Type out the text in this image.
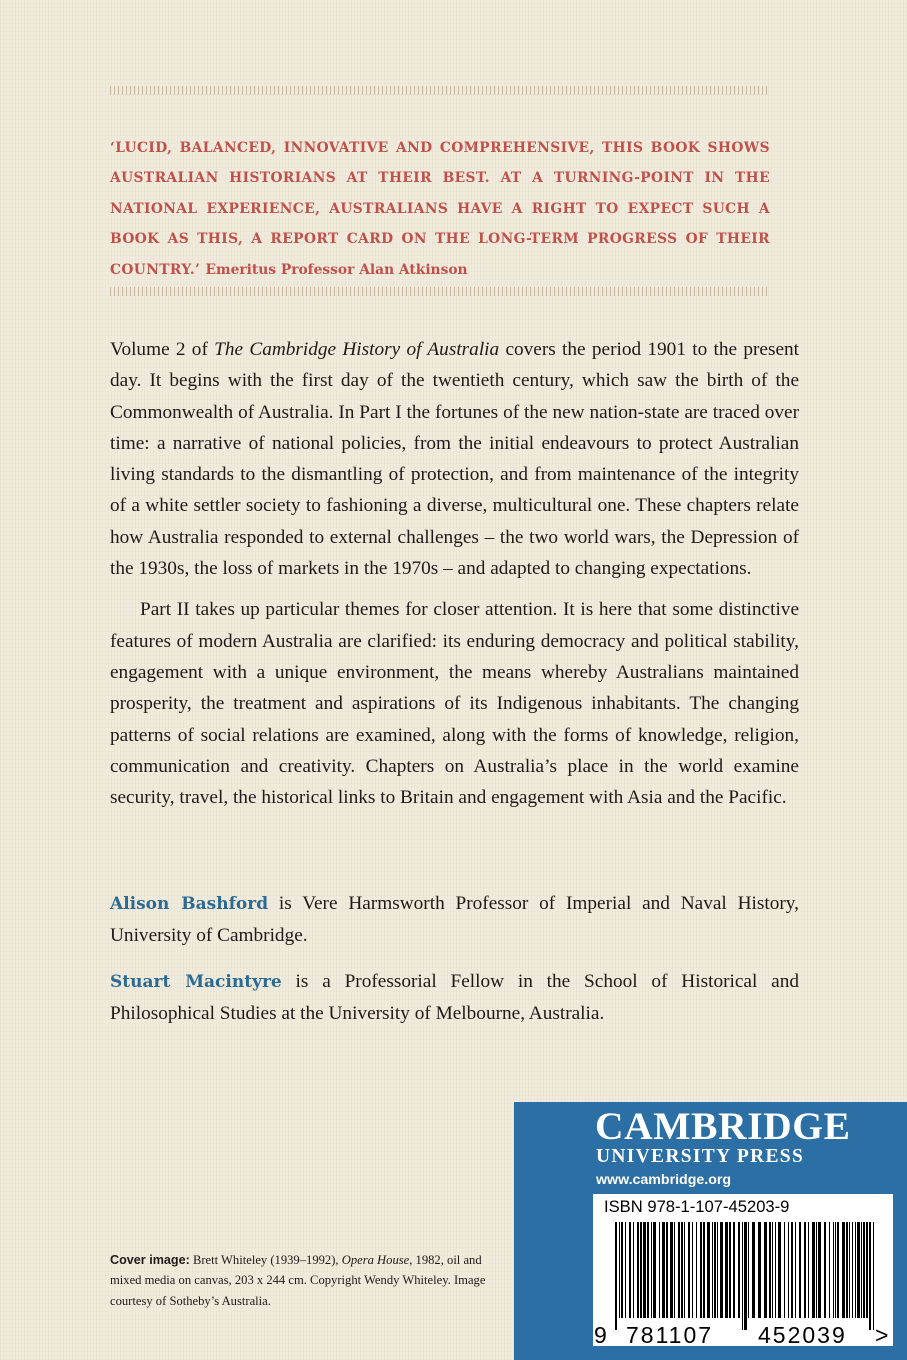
‘LUCID, BALANCED, INNOVATIVE AND COMPREHENSIVE, THIS BOOK SHOWS AUSTRALIAN HISTORIANS AT THEIR BEST. AT A TURNING-POINT IN THE NATIONAL EXPERIENCE, AUSTRALIANS HAVE A RIGHT TO EXPECT SUCH A BOOK AS THIS, A REPORT CARD ON THE LONG-TERM PROGRESS OF THEIR COUNTRY.’ Emeritus Professor Alan Atkinson

Volume 2 of The Cambridge History of Australia covers the period 1901 to the present day. It begins with the first day of the twentieth century, which saw the birth of the Commonwealth of Australia. In Part I the fortunes of the new nation-state are traced over time: a narrative of national policies, from the initial endeavours to protect Australian living standards to the dismantling of protection, and from maintenance of the integrity of a white settler society to fashioning a diverse, multicultural one. These chapters relate how Australia responded to external challenges – the two world wars, the Depression of the 1930s, the loss of markets in the 1970s – and adapted to changing expectations.

Part II takes up particular themes for closer attention. It is here that some distinctive features of modern Australia are clarified: its enduring democracy and political stability, engagement with a unique environment, the means whereby Australians maintained prosperity, the treatment and aspirations of its Indigenous inhabitants. The changing patterns of social relations are examined, along with the forms of knowledge, religion, communication and creativity. Chapters on Australia’s place in the world examine security, travel, the historical links to Britain and engagement with Asia and the Pacific.

Alison Bashford is Vere Harmsworth Professor of Imperial and Naval History, University of Cambridge.

Stuart Macintyre is a Professorial Fellow in the School of Historical and Philosophical Studies at the University of Melbourne, Australia.

Cover image: Brett Whiteley (1939–1992), Opera House, 1982, oil and mixed media on canvas, 203 x 244 cm. Copyright Wendy Whiteley. Image courtesy of Sotheby’s Australia.

CAMBRIDGE
UNIVERSITY PRESS
www.cambridge.org
ISBN 978-1-107-45203-9
9 781107 452039 >
